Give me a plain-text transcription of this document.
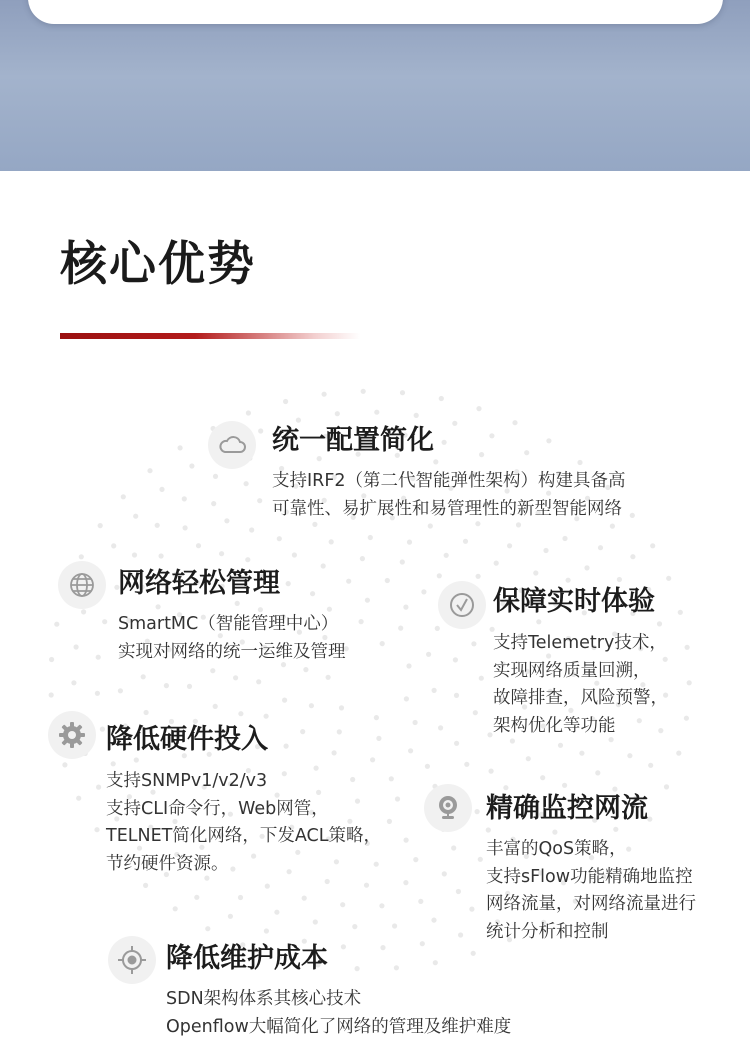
核心优势
统一配置简化
支持IRF2（第二代智能弹性架构）构建具备高
可靠性、易扩展性和易管理性的新型智能网络
网络轻松管理
SmartMC（智能管理中心）
实现对网络的统一运维及管理
保障实时体验
支持Telemetry技术，
实现网络质量回溯，
故障排查，风险预警，
架构优化等功能
降低硬件投入
支持SNMPv1/v2/v3
支持CLI命令行，Web网管，
TELNET简化网络，下发ACL策略，
节约硬件资源。
精确监控网流
丰富的QoS策略，
支持sFlow功能精确地监控
网络流量，对网络流量进行
统计分析和控制
降低维护成本
SDN架构体系其核心技术
Openflow大幅简化了网络的管理及维护难度
